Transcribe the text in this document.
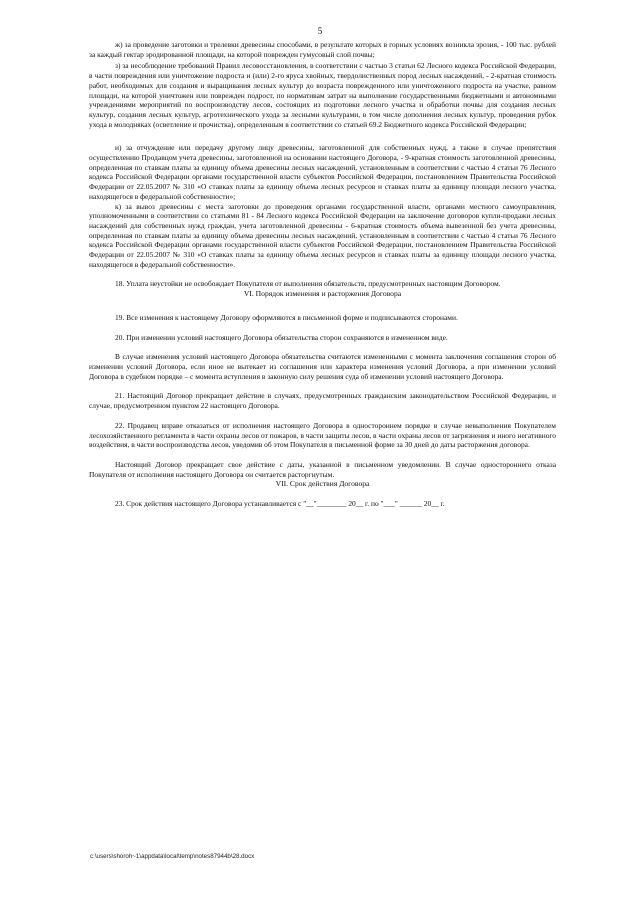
5

ж) за проведение заготовки и трелевки древесины способами, в результате которых в горных условиях возникла эрозия, - 100 тыс. рублей за каждый гектар эродированной площади, на которой поврежден гумусовый слой почвы;

з) за несоблюдение требований Правил лесовосстановления, в соответствии с частью 3 статьи 62 Лесного кодекса Российской Федерации, в части повреждения или уничтожение подроста и (или) 2-го яруса хвойных, твердолиственных пород лесных насаждений, - 2-кратная стоимость работ, необходимых для создания и выращивания лесных культур до возраста поврежденного или уничтоженного подроста на участке, равном площади, на которой уничтожен или поврежден подрост, по нормативам затрат на выполнение государственными бюджетными и автономными учреждениями мероприятий по воспроизводству лесов, состоящих из подготовки лесного участка и обработки почвы для создания лесных культур, создания лесных культур, агротехнического ухода за лесными культурами, в том числе дополнения лесных культур, проведения рубок ухода в молодняках (осветление и прочистка), определенным в соответствии со статьей 69.2 Бюджетного кодекса Российской Федерации;

и) за отчуждение или передачу другому лицу древесины, заготовленной для собственных нужд, а также в случае препятствия осуществлению Продавцом учета древесины, заготовленной на основании настоящего Договора, - 9-кратная стоимость заготовленной древесины, определенная по ставкам платы за единицу объема древесины лесных насаждений, установленным в соответствии с частью 4 статьи 76 Лесного кодекса Российской Федерации органами государственной власти субъектов Российской Федерации, постановлением Правительства Российской Федерации от 22.05.2007 № 310 «О ставках платы за единицу объема лесных ресурсов и ставках платы за единицу площади лесного участка, находящегося в федеральной собственности»;

к) за вывоз древесины с места заготовки до проведения органами государственной власти, органами местного самоуправления, уполномоченными в соответствии со статьями 81 - 84 Лесного кодекса Российской Федерации на заключение договоров купли-продажи лесных насаждений для собственных нужд граждан, учета заготовленной древесины - 6-кратная стоимость объема вывезенной без учета древесины, определенная по ставкам платы за единицу объема древесины лесных насаждений, установленным в соответствии с частью 4 статьи 76 Лесного кодекса Российской Федерации органами государственной власти субъектов Российской Федерации, постановлением Правительства Российской Федерации от 22.05.2007 № 310 «О ставках платы за единицу объема лесных ресурсов и ставках платы за единицу площади лесного участка, находящегося в федеральной собственности».

18. Уплата неустойки не освобождает Покупателя от выполнения обязательств, предусмотренных настоящим Договором.

VI. Порядок изменения и расторжения Договора

19. Все изменения к настоящему Договору оформляются в письменной форме и подписываются сторонами.

20. При изменении условий настоящего Договора обязательства сторон сохраняются в измененном виде.

В случае изменения условий настоящего Договора обязательства считаются измененными с момента заключения соглашения сторон об изменении условий Договора, если иное не вытекает из соглашения или характера изменения условий Договора, а при изменении условий Договора в судебном порядке – с момента вступления в законную силу решения суда об изменении условий настоящего Договора.

21. Настоящий Договор прекращает действие в случаях, предусмотренных гражданским законодательством Российской Федерации, и случае, предусмотренном пунктом 22 настоящего Договора.

22. Продавец вправе отказаться от исполнения настоящего Договора в одностороннем порядке в случае невыполнения Покупателем лесохозяйственного регламента в части охраны лесов от пожаров, в части защиты лесов, в части охраны лесов от загрязнения и иного негативного воздействия, в части воспроизводства лесов, уведомив об этом Покупателя в письменной форме за 30 дней до даты расторжения договора.

Настоящий Договор прекращает свое действие с даты, указанной в письменном уведомлении. В случае одностороннего отказа Покупателя от исполнения настоящего Договора он считается расторгнутым.

VII. Срок действия Договора

23. Срок действия настоящего Договора устанавливается с "__"________ 20__ г. по "___" ______ 20__ г.

c:\users\shoroh~1\appdata\local\temp\notes87944b\28.docx
